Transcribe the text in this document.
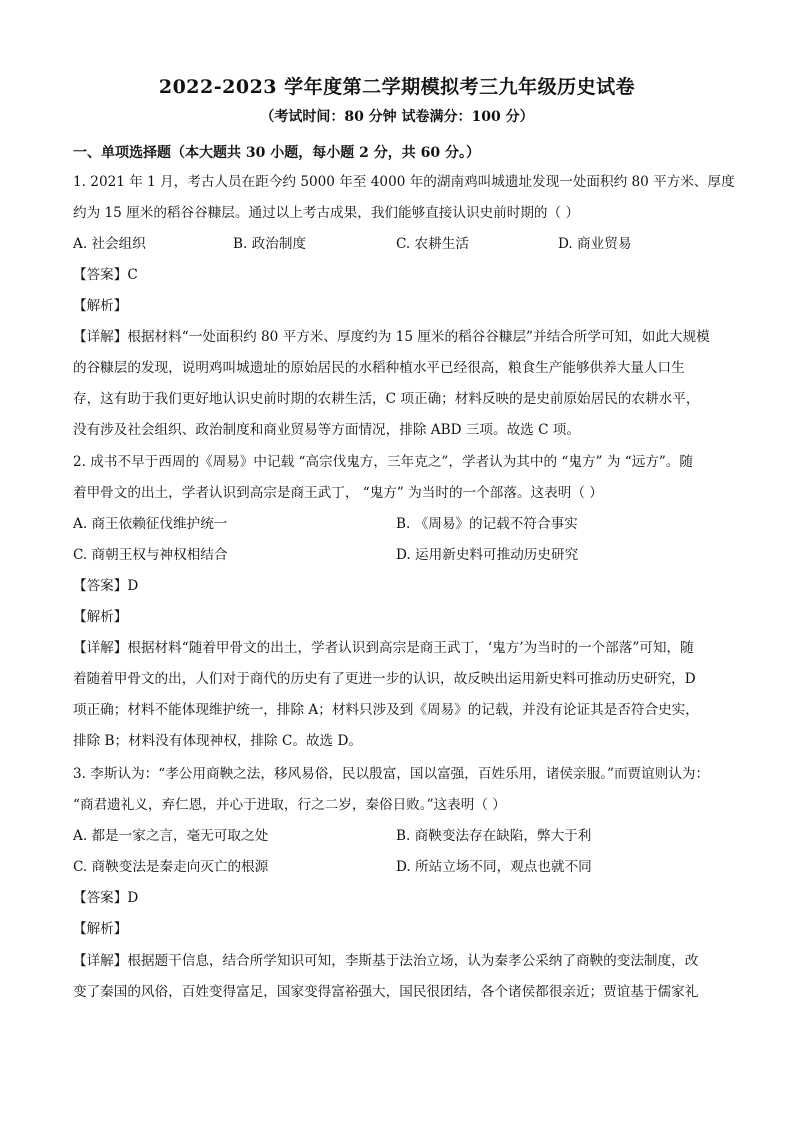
2022-2023 学年度第二学期模拟考三九年级历史试卷
（考试时间：80 分钟 试卷满分：100 分）
一、单项选择题（本大题共 30 小题，每小题 2 分，共 60 分。）
1. 2021 年 1 月，考古人员在距今约 5000 年至 4000 年的湖南鸡叫城遗址发现一处面积约 80 平方米、厚度
约为 15 厘米的稻谷谷糠层。通过以上考古成果，我们能够直接认识史前时期的（ ）
A. 社会组织	B. 政治制度	C. 农耕生活	D. 商业贸易
【答案】C
【解析】
【详解】根据材料“一处面积约 80 平方米、厚度约为 15 厘米的稻谷谷糠层”并结合所学可知，如此大规模
的谷糠层的发现，说明鸡叫城遗址的原始居民的水稻种植水平已经很高，粮食生产能够供养大量人口生
存，这有助于我们更好地认识史前时期的农耕生活，C 项正确；材料反映的是史前原始居民的农耕水平，
没有涉及社会组织、政治制度和商业贸易等方面情况，排除 ABD 三项。故选 C 项。
2. 成书不早于西周的《周易》中记载 “高宗伐鬼方，三年克之”，学者认为其中的 “鬼方” 为 “远方”。随
着甲骨文的出土，学者认识到高宗是商王武丁， “鬼方” 为当时的一个部落。这表明（ ）
A. 商王依赖征伐维护统一	B. 《周易》的记载不符合事实
C. 商朝王权与神权相结合	D. 运用新史料可推动历史研究
【答案】D
【解析】
【详解】根据材料“随着甲骨文的出土，学者认识到高宗是商王武丁，‘鬼方’为当时的一个部落”可知，随
着随着甲骨文的出，人们对于商代的历史有了更进一步的认识，故反映出运用新史料可推动历史研究，D
项正确；材料不能体现维护统一，排除 A；材料只涉及到《周易》的记载，并没有论证其是否符合史实，
排除 B；材料没有体现神权，排除 C。故选 D。
3. 李斯认为：“孝公用商鞅之法，移风易俗，民以殷富，国以富强，百姓乐用，诸侯亲服。”而贾谊则认为：
“商君遗礼义，弃仁恩，并心于进取，行之二岁，秦俗日败。”这表明（ ）
A. 都是一家之言，毫无可取之处	B. 商鞅变法存在缺陷，弊大于利
C. 商鞅变法是秦走向灭亡的根源	D. 所站立场不同，观点也就不同
【答案】D
【解析】
【详解】根据题干信息，结合所学知识可知，李斯基于法治立场，认为秦孝公采纳了商鞅的变法制度，改
变了秦国的风俗，百姓变得富足，国家变得富裕强大，国民很团结，各个诸侯都很亲近；贾谊基于儒家礼
